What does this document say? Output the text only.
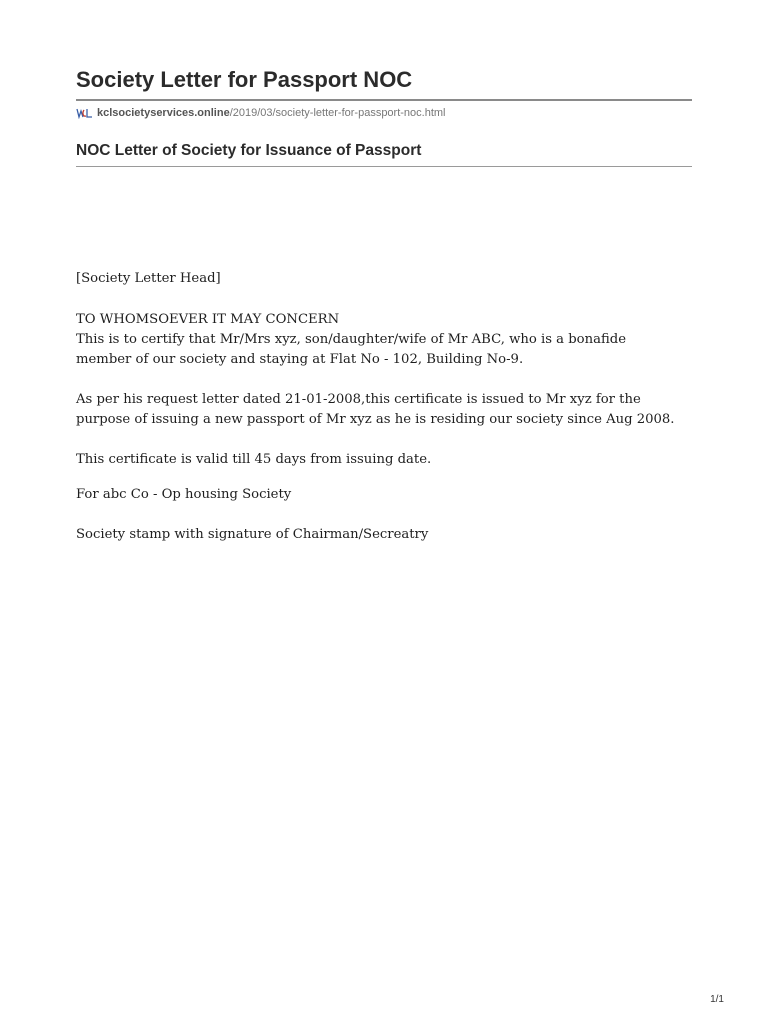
Society Letter for Passport NOC
kclsocietyservices.online /2019/03/society-letter-for-passport-noc.html
NOC Letter of Society for Issuance of Passport
[Society Letter Head]
TO WHOMSOEVER IT MAY CONCERN
This is to certify that Mr/Mrs xyz, son/daughter/wife of Mr ABC, who is a bonafide
member of our society and staying at Flat No - 102, Building No-9.
As per his request letter dated 21-01-2008,this certificate is issued to Mr xyz for the
purpose of issuing a new passport of Mr xyz as he is residing our society since Aug 2008.
This certificate is valid till 45 days from issuing date.
For abc Co - Op housing Society
Society stamp with signature of Chairman/Secreatry
1/1
